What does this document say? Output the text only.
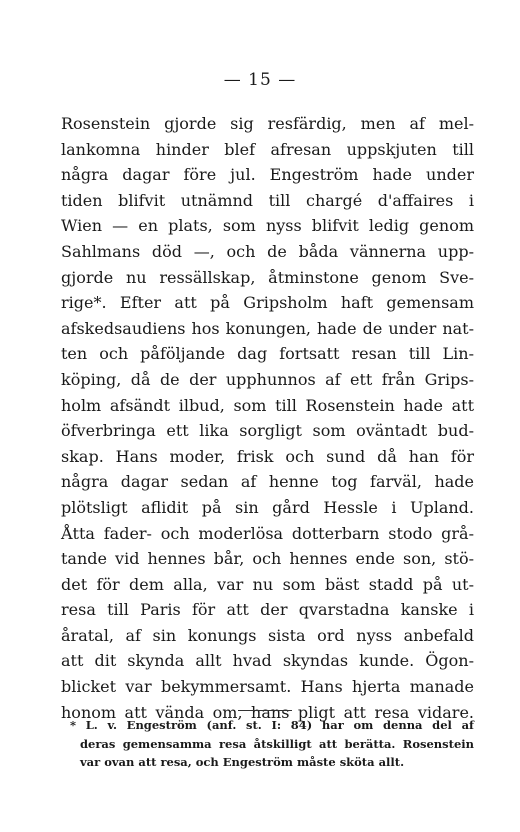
— 15 —
Rosenstein gjorde sig resfärdig, men af mel-
lankomna hinder blef afresan uppskjuten till
några dagar före jul. Engeström hade under
tiden blifvit utnämnd till chargé d'affaires i
Wien — en plats, som nyss blifvit ledig genom
Sahlmans död —, och de båda vännerna upp-
gjorde nu ressällskap, åtminstone genom Sve-
rige*. Efter att på Gripsholm haft gemensam
afskedsaudiens hos konungen, hade de under nat-
ten och påföljande dag fortsatt resan till Lin-
köping, då de der upphunnos af ett från Grips-
holm afsändt ilbud, som till Rosenstein hade att
öfverbringa ett lika sorgligt som oväntadt bud-
skap. Hans moder, frisk och sund då han för
några dagar sedan af henne tog farväl, hade
plötsligt aflidit på sin gård Hessle i Upland.
Åtta fader- och moderlösa dotterbarn stodo grå-
tande vid hennes bår, och hennes ende son, stö-
det för dem alla, var nu som bäst stadd på ut-
resa till Paris för att der qvarstadna kanske i
åratal, af sin konungs sista ord nyss anbefald
att dit skynda allt hvad skyndas kunde. Ögon-
blicket var bekymmersamt. Hans hjerta manade
honom att vända om, hans pligt att resa vidare.
* L. v. Engeström (anf. st. I: 84) har om denna del af
deras gemensamma resa åtskilligt att berätta. Rosenstein
var ovan att resa, och Engeström måste sköta allt.
